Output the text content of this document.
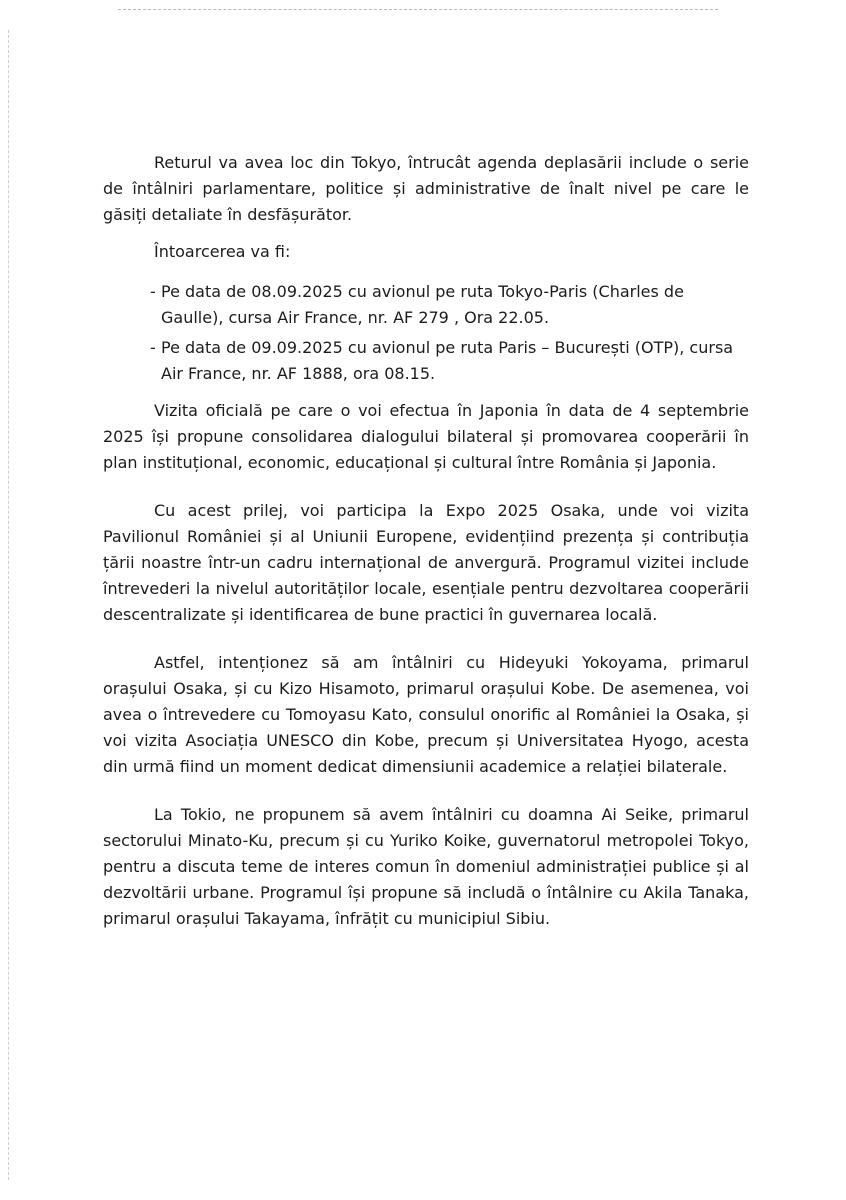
Returul va avea loc din Tokyo, întrucât agenda deplasării include o serie de întâlniri parlamentare, politice și administrative de înalt nivel pe care le găsiți detaliate în desfășurător.

Întoarcerea va fi:

- Pe data de 08.09.2025 cu avionul pe ruta Tokyo-Paris (Charles de Gaulle), cursa Air France, nr. AF 279 , Ora 22.05.
- Pe data de 09.09.2025 cu avionul pe ruta Paris – București (OTP), cursa Air France, nr. AF 1888, ora 08.15.

Vizita oficială pe care o voi efectua în Japonia în data de 4 septembrie 2025 își propune consolidarea dialogului bilateral și promovarea cooperării în plan instituțional, economic, educațional și cultural între România și Japonia.

Cu acest prilej, voi participa la Expo 2025 Osaka, unde voi vizita Pavilionul României și al Uniunii Europene, evidențiind prezența și contribuția țării noastre într-un cadru internațional de anvergură. Programul vizitei include întrevederi la nivelul autorităților locale, esențiale pentru dezvoltarea cooperării descentralizate și identificarea de bune practici în guvernarea locală.

Astfel, intenționez să am întâlniri cu Hideyuki Yokoyama, primarul orașului Osaka, și cu Kizo Hisamoto, primarul orașului Kobe. De asemenea, voi avea o întrevedere cu Tomoyasu Kato, consulul onorific al României la Osaka, și voi vizita Asociația UNESCO din Kobe, precum și Universitatea Hyogo, acesta din urmă fiind un moment dedicat dimensiunii academice a relației bilaterale.

La Tokio, ne propunem să avem întâlniri cu doamna Ai Seike, primarul sectorului Minato-Ku, precum și cu Yuriko Koike, guvernatorul metropolei Tokyo, pentru a discuta teme de interes comun în domeniul administrației publice și al dezvoltării urbane. Programul își propune să includă o întâlnire cu Akila Tanaka, primarul orașului Takayama, înfrățit cu municipiul Sibiu.
